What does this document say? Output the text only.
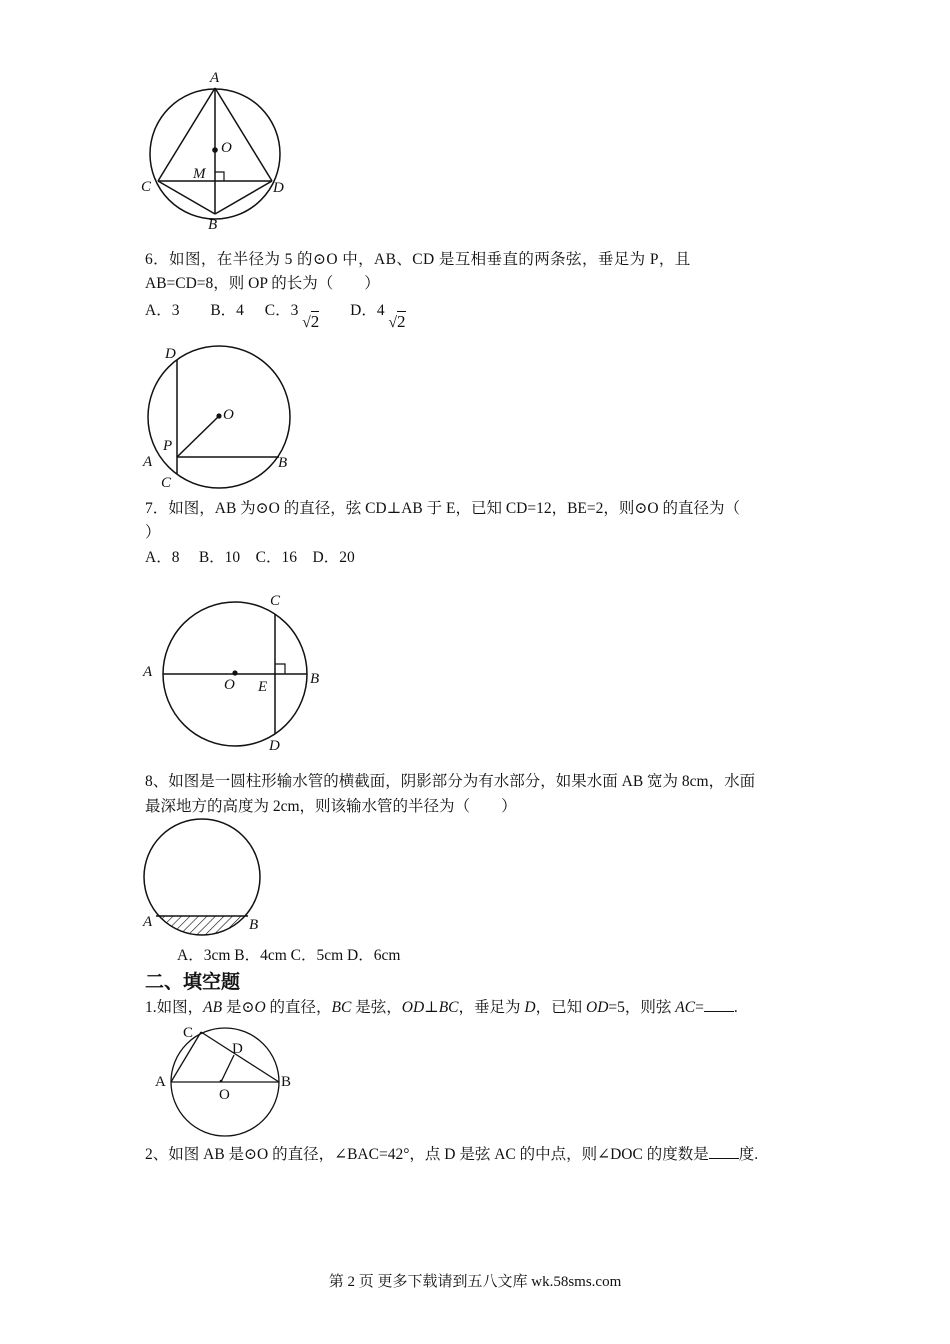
A
O
M
C	D
B
6．如图，在半径为 5 的⊙O 中，AB、CD 是互相垂直的两条弦，垂足为 P，且
AB=CD=8，则 OP 的长为（　　）
A．3 B．4 C．3 √2 D．4 √2
D
O
P
A	B
C
7．如图，AB 为⊙O 的直径，弦 CD⊥AB 于 E，已知 CD=12，BE=2，则⊙O 的直径为（
）
A．8　 B．10　C．16　D．20
C
A
O E	B
D
8、如图是一圆柱形输水管的横截面，阴影部分为有水部分，如果水面 AB 宽为 8cm，水面
最深地方的高度为 2cm，则该输水管的半径为（　　）
A	B
A．3cm B．4cm C．5cm D．6cm
二、填空题
1.如图，AB 是⊙O 的直径，BC 是弦，OD⊥BC，垂足为 D，已知 OD=5，则弦 AC= .
C
D
A
O
B
2、如图 AB 是⊙O 的直径，∠BAC=42°，点 D 是弦 AC 的中点，则∠DOC 的度数是 度.
第 2 页 更多下载请到五八文库 wk.58sms.com
